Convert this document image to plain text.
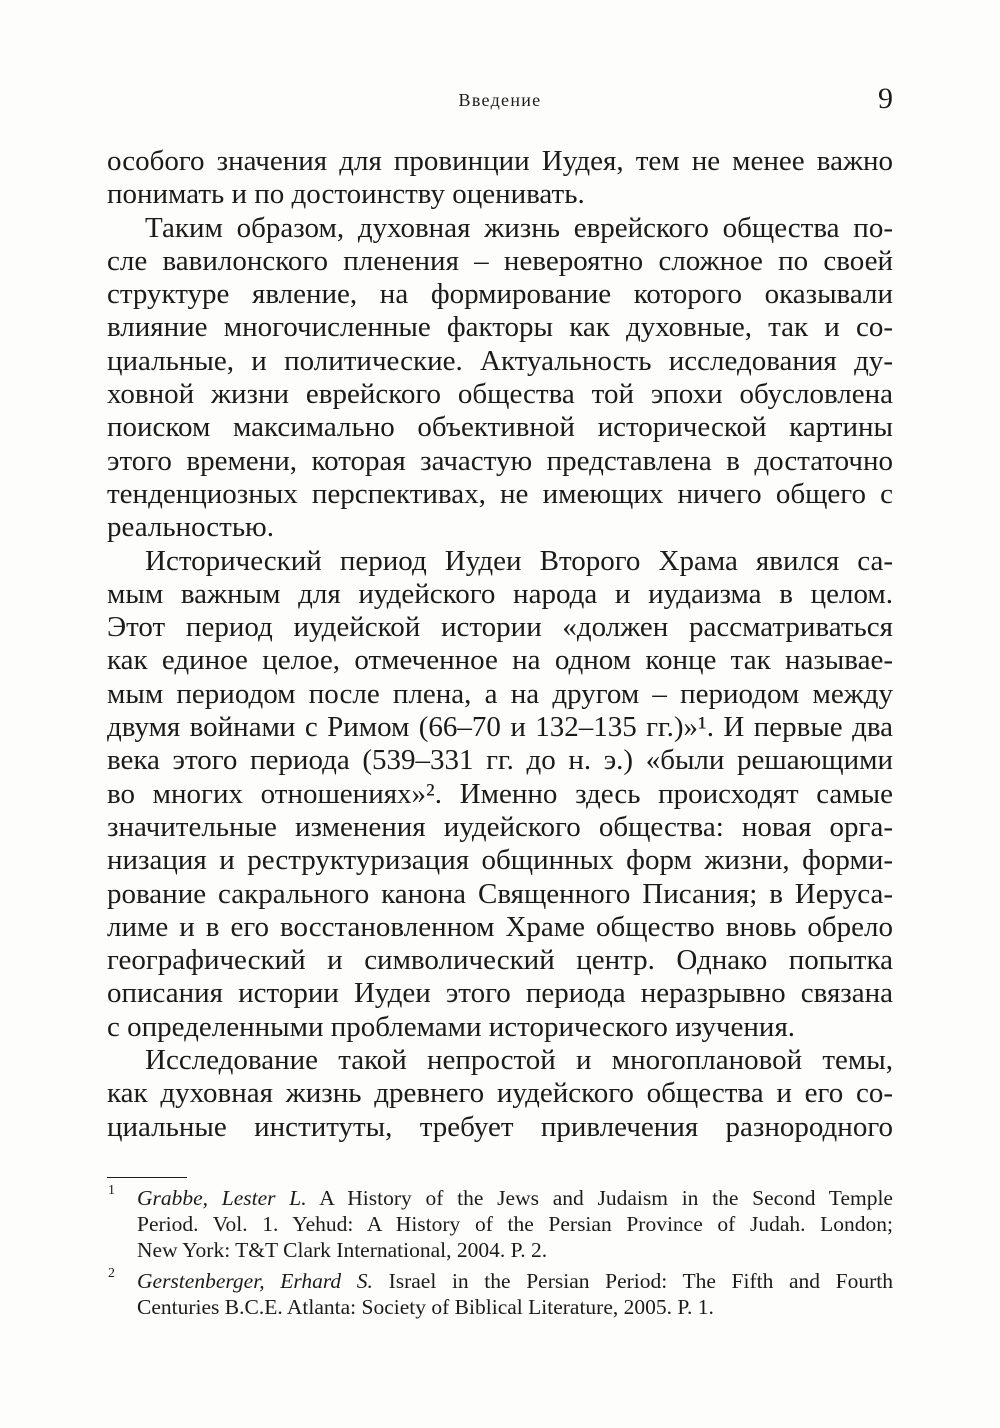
Введение	9
особого значения для провинции Иудея, тем не менее важно
понимать и по достоинству оценивать.
Таким образом, духовная жизнь еврейского общества по-
сле вавилонского пленения – невероятно сложное по своей
структуре явление, на формирование которого оказывали
влияние многочисленные факторы как духовные, так и со-
циальные, и политические. Актуальность исследования ду-
ховной жизни еврейского общества той эпохи обусловлена
поиском максимально объективной исторической картины
этого времени, которая зачастую представлена в достаточно
тенденциозных перспективах, не имеющих ничего общего с
реальностью.
Исторический период Иудеи Второго Храма явился са-
мым важным для иудейского народа и иудаизма в целом.
Этот период иудейской истории «должен рассматриваться
как единое целое, отмеченное на одном конце так называе-
мым периодом после плена, а на другом – периодом между
двумя войнами с Римом (66–70 и 132–135 гг.)»¹. И первые два
века этого периода (539–331 гг. до н. э.) «были решающими
во многих отношениях»². Именно здесь происходят самые
значительные изменения иудейского общества: новая орга-
низация и реструктуризация общинных форм жизни, форми-
рование сакрального канона Священного Писания; в Иеруса-
лиме и в его восстановленном Храме общество вновь обрело
географический и символический центр. Однако попытка
описания истории Иудеи этого периода неразрывно связана
с определенными проблемами исторического изучения.
Исследование такой непростой и многоплановой темы,
как духовная жизнь древнего иудейского общества и его со-
циальные институты, требует привлечения разнородного
1 Grabbe, Lester L. A History of the Jews and Judaism in the Second Temple
Period. Vol. 1. Yehud: A History of the Persian Province of Judah. London;
New York: T&T Clark International, 2004. P. 2.
2 Gerstenberger, Erhard S. Israel in the Persian Period: The Fifth and Fourth
Centuries B.C.E. Atlanta: Society of Biblical Literature, 2005. P. 1.
